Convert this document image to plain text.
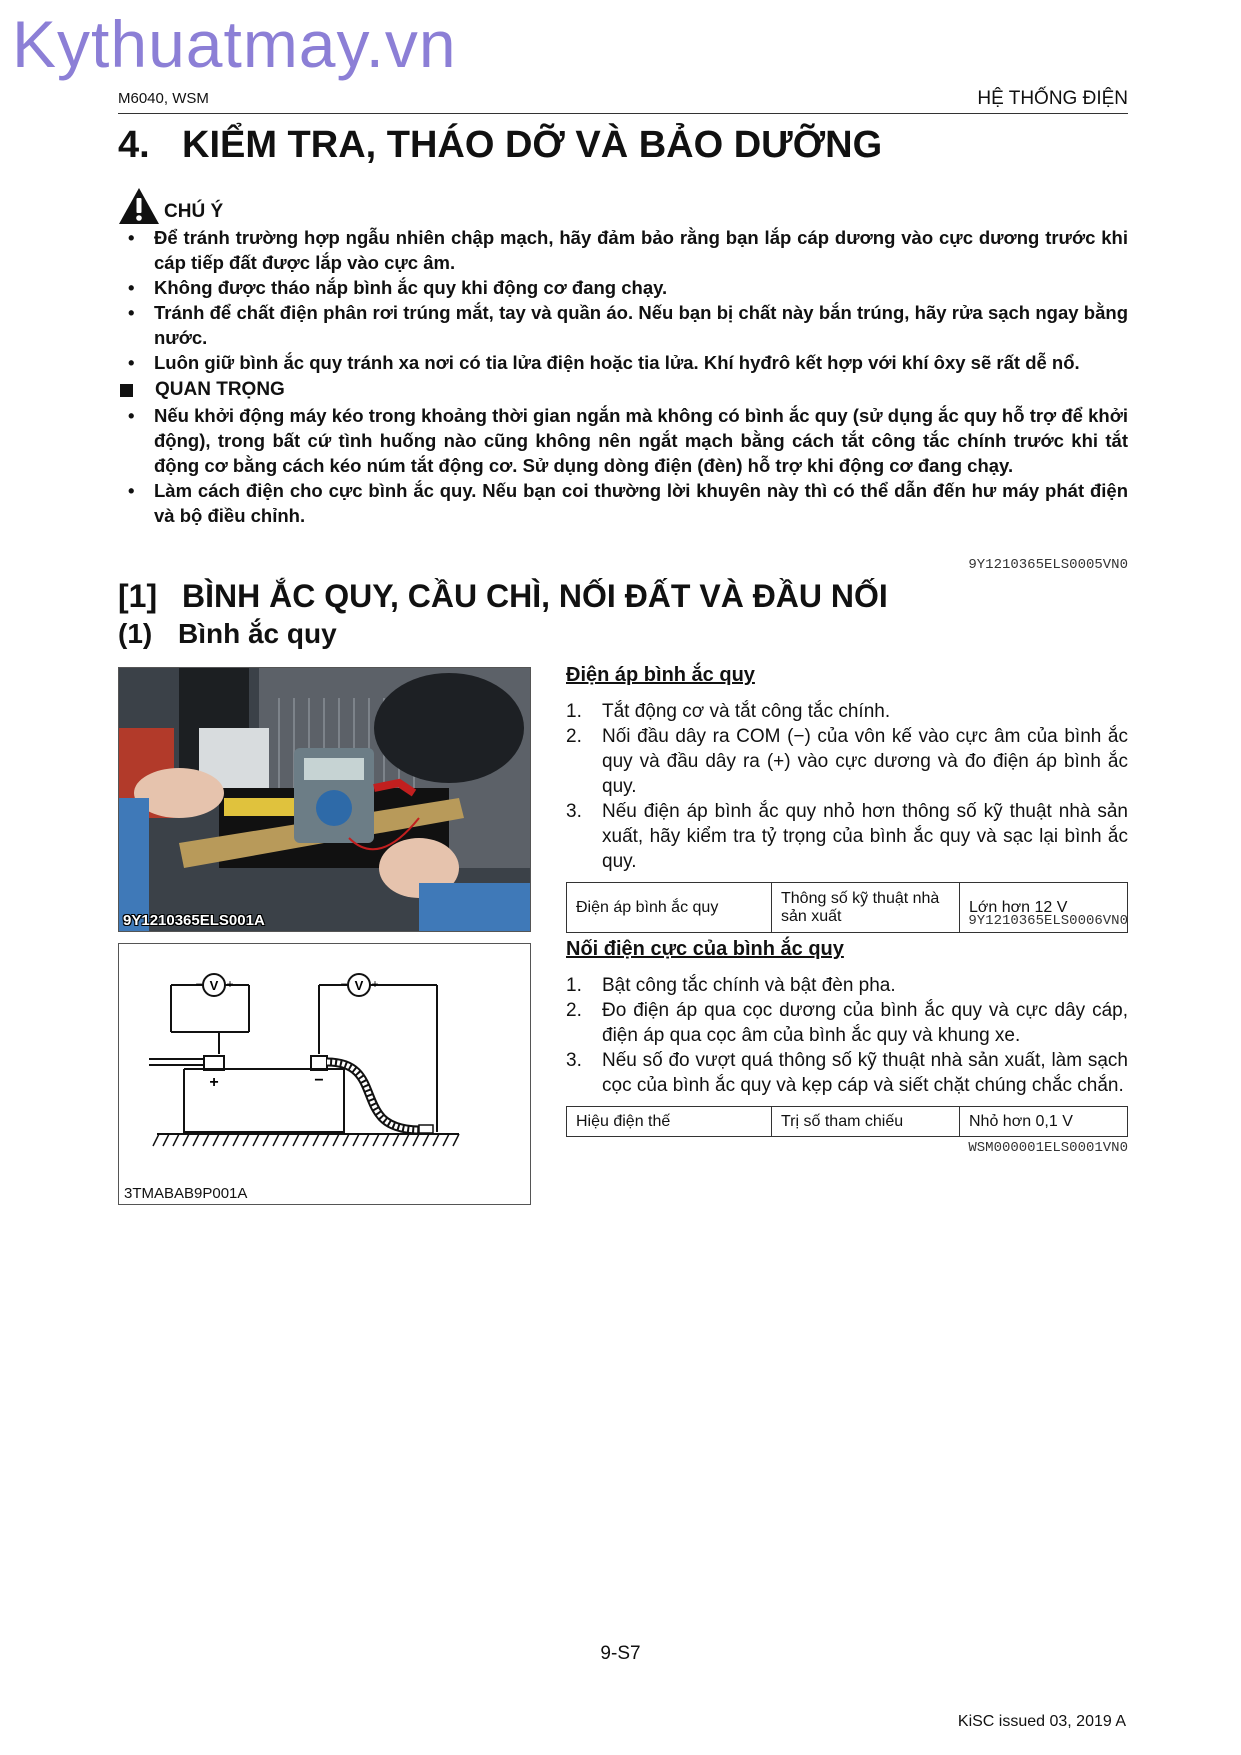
Kythuatmay.vn
M6040, WSM	HỆ THỐNG ĐIỆN
4. KIỂM TRA, THÁO DỠ VÀ BẢO DƯỠNG
CHÚ Ý
• Để tránh trường hợp ngẫu nhiên chập mạch, hãy đảm bảo rằng bạn lắp cáp dương vào cực dương trước khi cáp tiếp đất được lắp vào cực âm.
• Không được tháo nắp bình ắc quy khi động cơ đang chạy.
• Tránh để chất điện phân rơi trúng mắt, tay và quần áo. Nếu bạn bị chất này bắn trúng, hãy rửa sạch ngay bằng nước.
• Luôn giữ bình ắc quy tránh xa nơi có tia lửa điện hoặc tia lửa. Khí hyđrô kết hợp với khí ôxy sẽ rất dễ nổ.
QUAN TRỌNG
• Nếu khởi động máy kéo trong khoảng thời gian ngắn mà không có bình ắc quy (sử dụng ắc quy hỗ trợ để khởi động), trong bất cứ tình huống nào cũng không nên ngắt mạch bằng cách tắt công tắc chính trước khi tắt động cơ bằng cách kéo núm tắt động cơ. Sử dụng dòng điện (đèn) hỗ trợ khi động cơ đang chạy.
• Làm cách điện cho cực bình ắc quy. Nếu bạn coi thường lời khuyên này thì có thể dẫn đến hư máy phát điện và bộ điều chỉnh.
9Y1210365ELS0005VN0
[1] BÌNH ẮC QUY, CẦU CHÌ, NỐI ĐẤT VÀ ĐẦU NỐI
(1) Bình ắc quy
9Y1210365ELS001A
V	V
− +	− +
+	−
3TMABAB9P001A
Điện áp bình ắc quy
1. Tắt động cơ và tắt công tắc chính.
2. Nối đầu dây ra COM (−) của vôn kế vào cực âm của bình ắc quy và đầu dây ra (+) vào cực dương và đo điện áp bình ắc quy.
3. Nếu điện áp bình ắc quy nhỏ hơn thông số kỹ thuật nhà sản xuất, hãy kiểm tra tỷ trọng của bình ắc quy và sạc lại bình ắc quy.
Điện áp bình ắc quy	Thông số kỹ thuật nhà sản xuất	Lớn hơn 12 V
9Y1210365ELS0006VN0
Nối điện cực của bình ắc quy
1. Bật công tắc chính và bật đèn pha.
2. Đo điện áp qua cọc dương của bình ắc quy và cực dây cáp, điện áp qua cọc âm của bình ắc quy và khung xe.
3. Nếu số đo vượt quá thông số kỹ thuật nhà sản xuất, làm sạch cọc của bình ắc quy và kẹp cáp và siết chặt chúng chắc chắn.
Hiệu điện thế	Trị số tham chiếu	Nhỏ hơn 0,1 V
WSM000001ELS0001VN0
9-S7
KiSC issued 03, 2019 A
